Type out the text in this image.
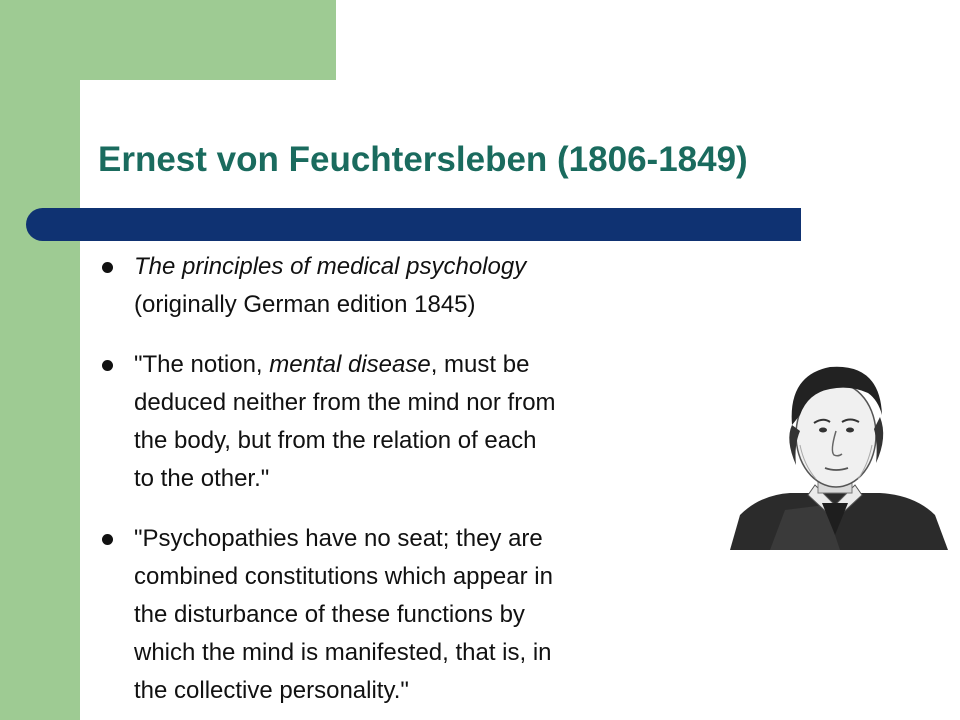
Ernest von Feuchtersleben (1806-1849)
The principles of medical psychology
(originally German edition 1845)
"The notion, mental disease, must be
deduced neither from the mind nor from
the body, but from the relation of each
to the other."
"Psychopathies have no seat; they are
combined constitutions which appear in
the disturbance of these functions by
which the mind is manifested, that is, in
the collective personality."
